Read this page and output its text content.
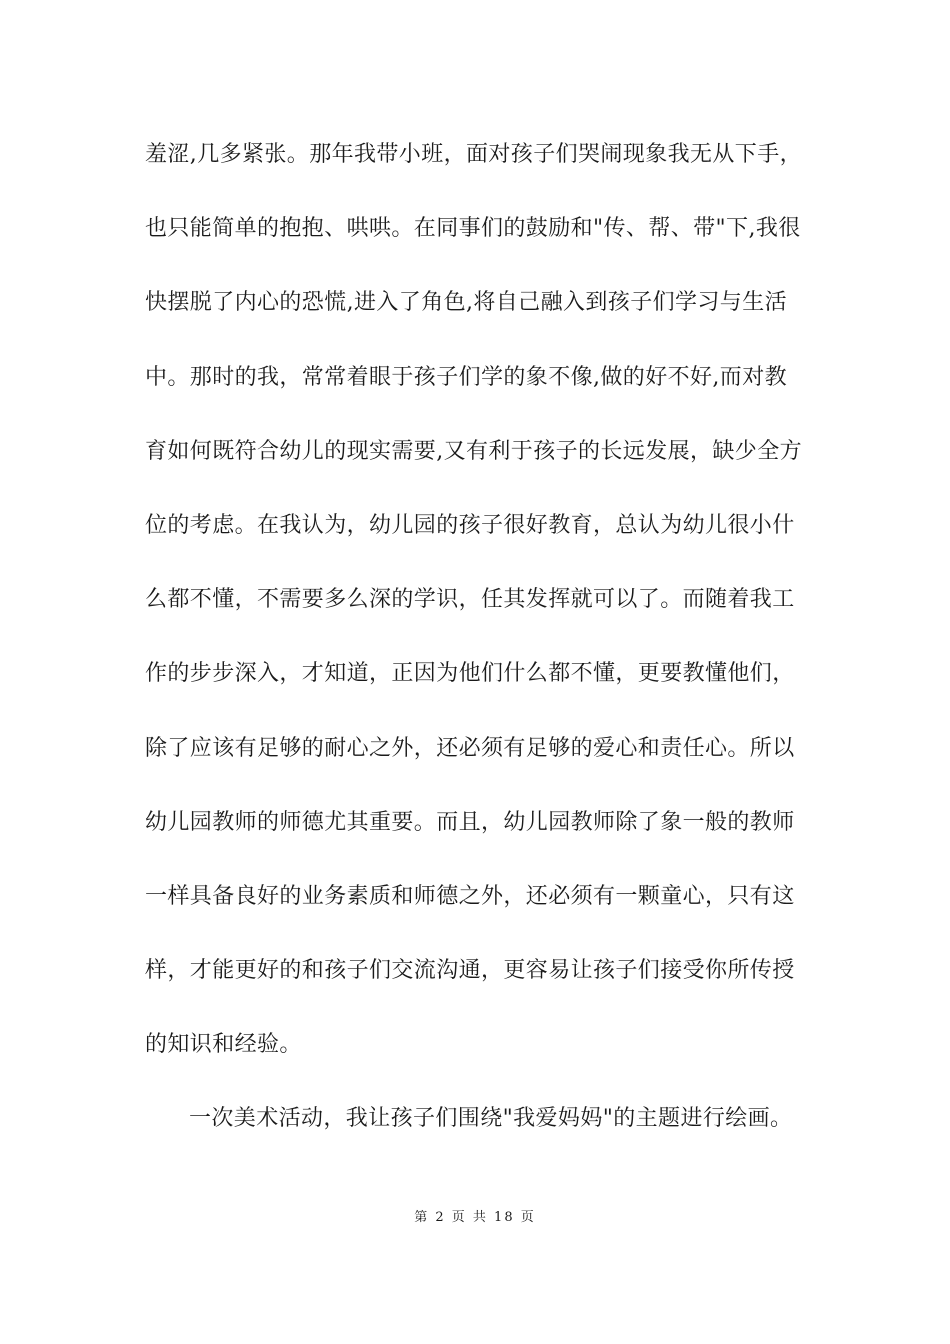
羞涩,几多紧张。那年我带小班，面对孩子们哭闹现象我无从下手，
也只能简单的抱抱、哄哄。在同事们的鼓励和"传、帮、带"下,我很
快摆脱了内心的恐慌,进入了角色,将自己融入到孩子们学习与生活
中。那时的我，常常着眼于孩子们学的象不像,做的好不好,而对教
育如何既符合幼儿的现实需要,又有利于孩子的长远发展，缺少全方
位的考虑。在我认为，幼儿园的孩子很好教育，总认为幼儿很小什
么都不懂，不需要多么深的学识，任其发挥就可以了。而随着我工
作的步步深入，才知道，正因为他们什么都不懂，更要教懂他们，
除了应该有足够的耐心之外，还必须有足够的爱心和责任心。所以
幼儿园教师的师德尤其重要。而且，幼儿园教师除了象一般的教师
一样具备良好的业务素质和师德之外，还必须有一颗童心，只有这
样，才能更好的和孩子们交流沟通，更容易让孩子们接受你所传授
的知识和经验。
一次美术活动，我让孩子们围绕"我爱妈妈"的主题进行绘画。
第 2 页 共 18 页
